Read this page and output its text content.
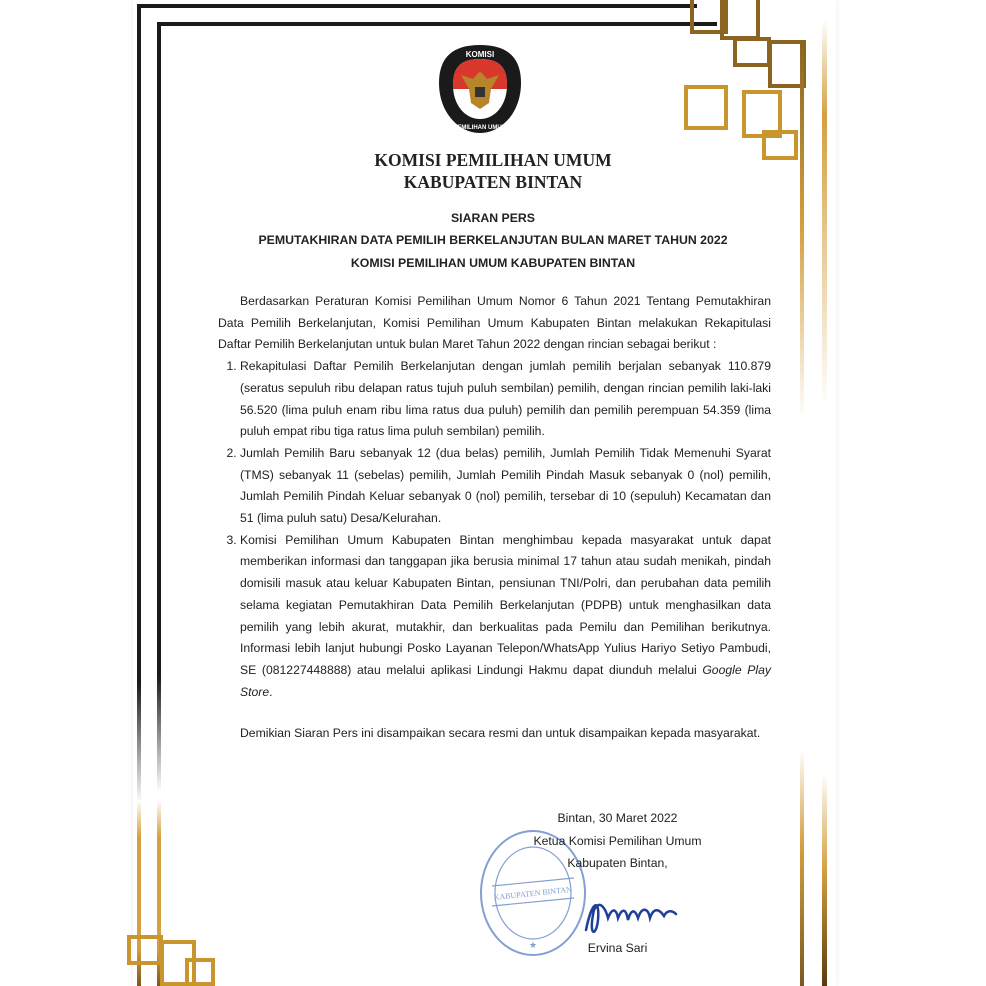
KOMISI
PEMILIHAN UMUM
KOMISI PEMILIHAN UMUM
KABUPATEN BINTAN
SIARAN PERS
PEMUTAKHIRAN DATA PEMILIH BERKELANJUTAN BULAN MARET TAHUN 2022
KOMISI PEMILIHAN UMUM KABUPATEN BINTAN

Berdasarkan Peraturan Komisi Pemilihan Umum Nomor 6 Tahun 2021 Tentang Pemutakhiran Data Pemilih Berkelanjutan, Komisi Pemilihan Umum Kabupaten Bintan melakukan Rekapitulasi Daftar Pemilih Berkelanjutan untuk bulan Maret Tahun 2022 dengan rincian sebagai berikut :

1. Rekapitulasi Daftar Pemilih Berkelanjutan dengan jumlah pemilih berjalan sebanyak 110.879 (seratus sepuluh ribu delapan ratus tujuh puluh sembilan) pemilih, dengan rincian pemilih laki-laki 56.520 (lima puluh enam ribu lima ratus dua puluh) pemilih dan pemilih perempuan 54.359 (lima puluh empat ribu tiga ratus lima puluh sembilan) pemilih.
2. Jumlah Pemilih Baru sebanyak 12 (dua belas) pemilih, Jumlah Pemilih Tidak Memenuhi Syarat (TMS) sebanyak 11 (sebelas) pemilih, Jumlah Pemilih Pindah Masuk sebanyak 0 (nol) pemilih, Jumlah Pemilih Pindah Keluar sebanyak 0 (nol) pemilih, tersebar di 10 (sepuluh) Kecamatan dan 51 (lima puluh satu) Desa/Kelurahan.
3. Komisi Pemilihan Umum Kabupaten Bintan menghimbau kepada masyarakat untuk dapat memberikan informasi dan tanggapan jika berusia minimal 17 tahun atau sudah menikah, pindah domisili masuk atau keluar Kabupaten Bintan, pensiunan TNI/Polri, dan perubahan data pemilih selama kegiatan Pemutakhiran Data Pemilih Berkelanjutan (PDPB) untuk menghasilkan data pemilih yang lebih akurat, mutakhir, dan berkualitas pada Pemilu dan Pemilihan berikutnya. Informasi lebih lanjut hubungi Posko Layanan Telepon/WhatsApp Yulius Hariyo Setiyo Pambudi, SE (081227448888) atau melalui aplikasi Lindungi Hakmu dapat diunduh melalui Google Play Store.

Demikian Siaran Pers ini disampaikan secara resmi dan untuk disampaikan kepada masyarakat.

KABUPATEN BINTAN
★
Bintan, 30 Maret 2022
Ketua Komisi Pemilihan Umum
Kabupaten Bintan,
Ervina Sari
